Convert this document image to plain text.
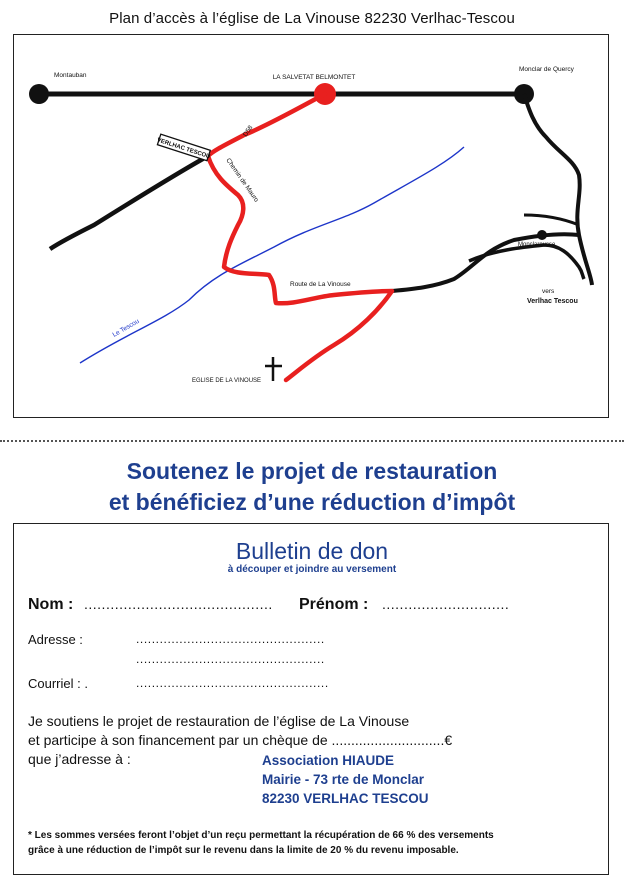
Plan d’accès à l’église de La Vinouse 82230 Verlhac-Tescou
VERLHAC TESCOU
Montauban	LA SALVETAT BELMONTET
Monclar de Quercy
D58
Chemin de Mauro
Route de La Vinouse
Le Tescou
Monclarousse
vers
Verlhac Tescou
EGLISE DE LA VINOUSE
Soutenez le projet de restauration
et bénéficiez d’une réduction d’impôt
Bulletin de don
à découper et joindre au versement
Nom : ........................................... Prénom : .............................
Adresse :	................................................
................................................
Courriel : .	.................................................
Je soutiens le projet de restauration de l’église de La Vinouse
et participe à son financement par un chèque de .............................€
que j’adresse à :	Association HIAUDE
Mairie - 73 rte de Monclar
82230 VERLHAC TESCOU
* Les sommes versées feront l’objet d’un reçu permettant la récupération de 66 % des versements
grâce à une réduction de l’impôt sur le revenu dans la limite de 20 % du revenu imposable.
